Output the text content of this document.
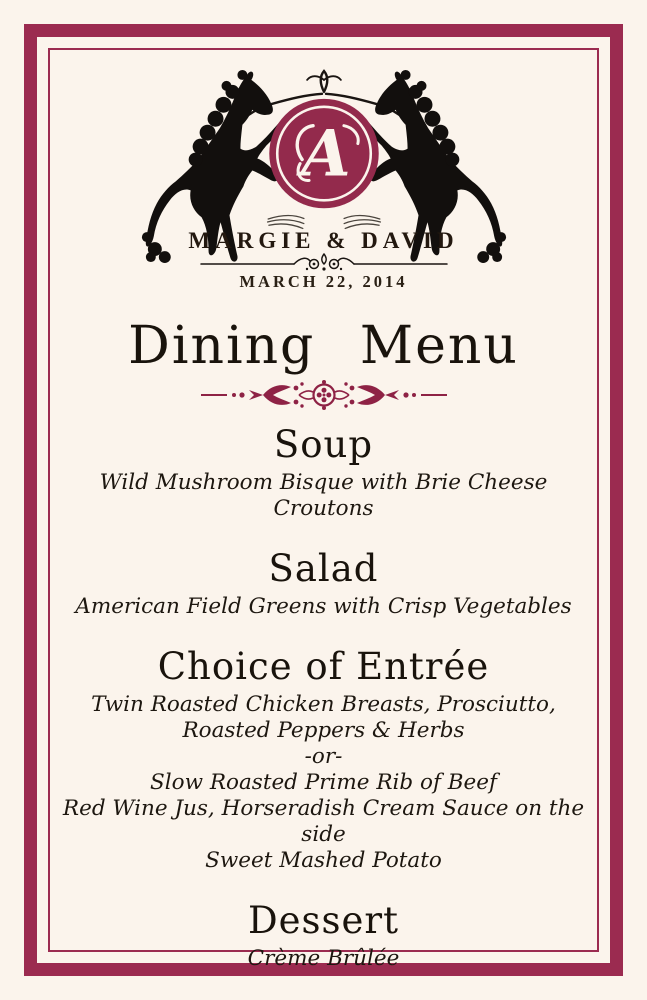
A
MARGIE & DAVID
MARCH 22, 2014
Dining Menu
Soup
Wild Mushroom Bisque with Brie Cheese Croutons
Salad
American Field Greens with Crisp Vegetables
Choice of Entrée
Twin Roasted Chicken Breasts, Prosciutto,
Roasted Peppers & Herbs
-or-
Slow Roasted Prime Rib of Beef
Red Wine Jus, Horseradish Cream Sauce on the side
Sweet Mashed Potato
Dessert
Crème Brûlée
